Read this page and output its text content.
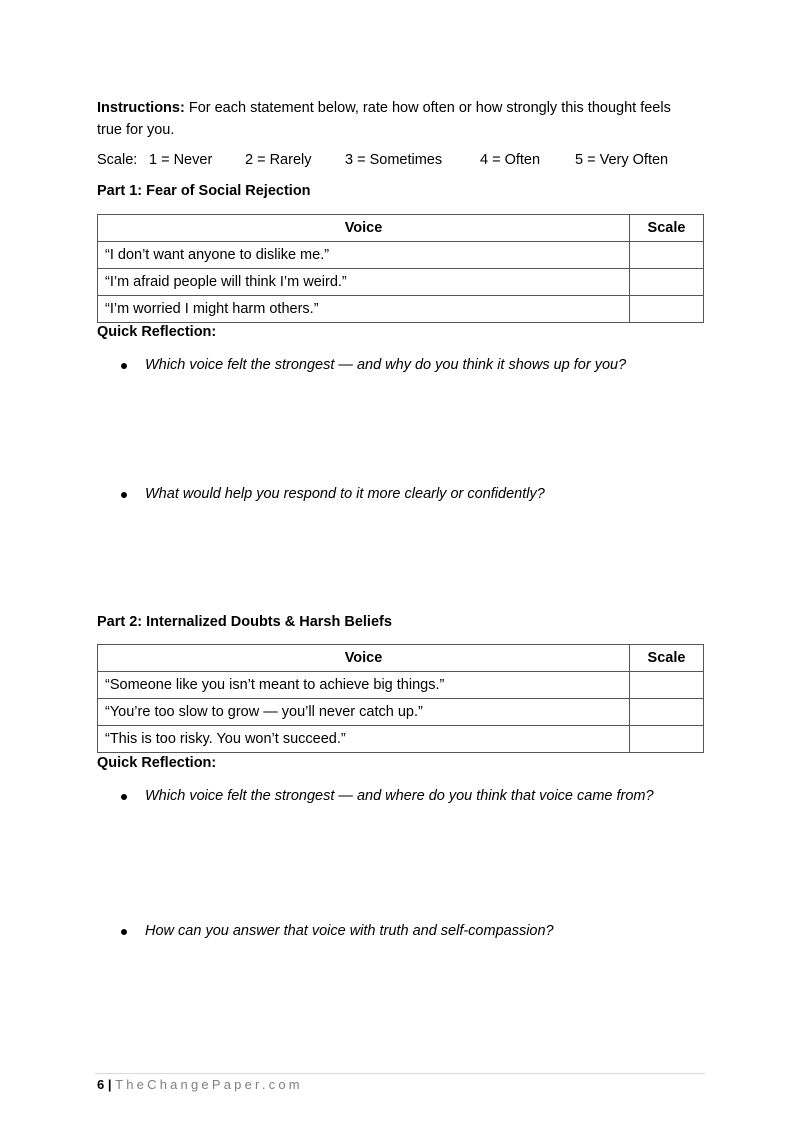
Instructions: For each statement below, rate how often or how strongly this thought feels true for you.
Scale: 1 = Never 2 = Rarely 3 = Sometimes	4 = Often 5 = Very Often
Part 1: Fear of Social Rejection
Voice	Scale
“I don’t want anyone to dislike me.”	
“I’m afraid people will think I’m weird.”	
“I’m worried I might harm others.”	
Quick Reflection:
Which voice felt the strongest — and why do you think it shows up for you?
What would help you respond to it more clearly or confidently?
Part 2: Internalized Doubts & Harsh Beliefs
Voice	Scale
“Someone like you isn’t meant to achieve big things.”	
“You’re too slow to grow — you’ll never catch up.”	
“This is too risky. You won’t succeed.”	
Quick Reflection:
Which voice felt the strongest — and where do you think that voice came from?
How can you answer that voice with truth and self-compassion?
6 | TheChangePaper.com
